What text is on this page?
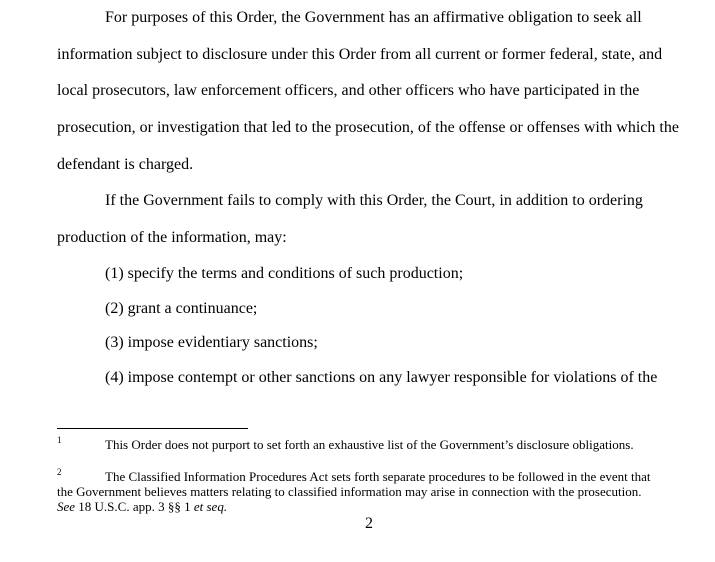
For purposes of this Order, the Government has an affirmative obligation to seek all
information subject to disclosure under this Order from all current or former federal, state, and
local prosecutors, law enforcement officers, and other officers who have participated in the
prosecution, or investigation that led to the prosecution, of the offense or offenses with which the
defendant is charged.
If the Government fails to comply with this Order, the Court, in addition to ordering
production of the information, may:
(1) specify the terms and conditions of such production;
(2) grant a continuance;
(3) impose evidentiary sanctions;
(4) impose contempt or other sanctions on any lawyer responsible for violations of the
1	This Order does not purport to set forth an exhaustive list of the Government’s disclosure obligations.
2	The Classified Information Procedures Act sets forth separate procedures to be followed in the event that
the Government believes matters relating to classified information may arise in connection with the prosecution.
See 18 U.S.C. app. 3 §§ 1 et seq.
2
